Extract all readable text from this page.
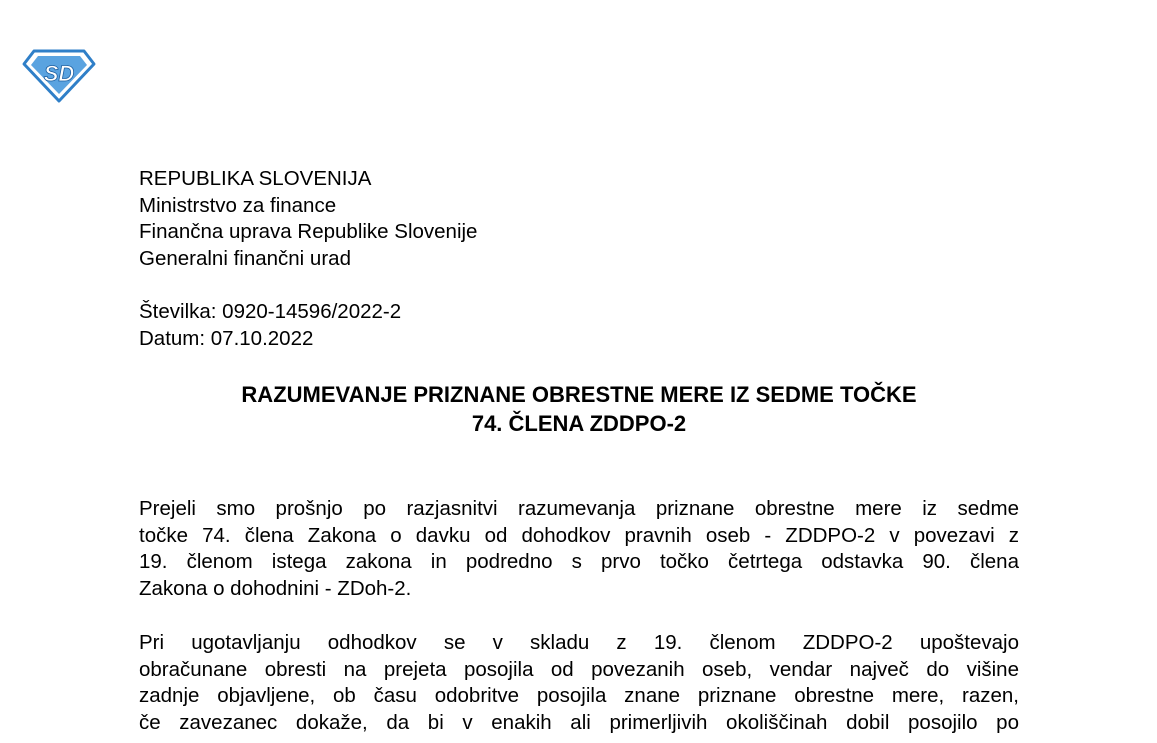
SD
REPUBLIKA SLOVENIJA
Ministrstvo za finance
Finančna uprava Republike Slovenije
Generalni finančni urad
Številka: 0920-14596/2022-2
Datum: 07.10.2022
RAZUMEVANJE PRIZNANE OBRESTNE MERE IZ SEDME TOČKE
74. ČLENA ZDDPO-2
Prejeli smo prošnjo po razjasnitvi razumevanja priznane obrestne mere iz sedme
točke 74. člena Zakona o davku od dohodkov pravnih oseb - ZDDPO-2 v povezavi z
19. členom istega zakona in podredno s prvo točko četrtega odstavka 90. člena
Zakona o dohodnini - ZDoh-2.
Pri ugotavljanju odhodkov se v skladu z 19. členom ZDDPO-2 upoštevajo
obračunane obresti na prejeta posojila od povezanih oseb, vendar največ do višine
zadnje objavljene, ob času odobritve posojila znane priznane obrestne mere, razen,
če zavezanec dokaže, da bi v enakih ali primerljivih okoliščinah dobil posojilo po
